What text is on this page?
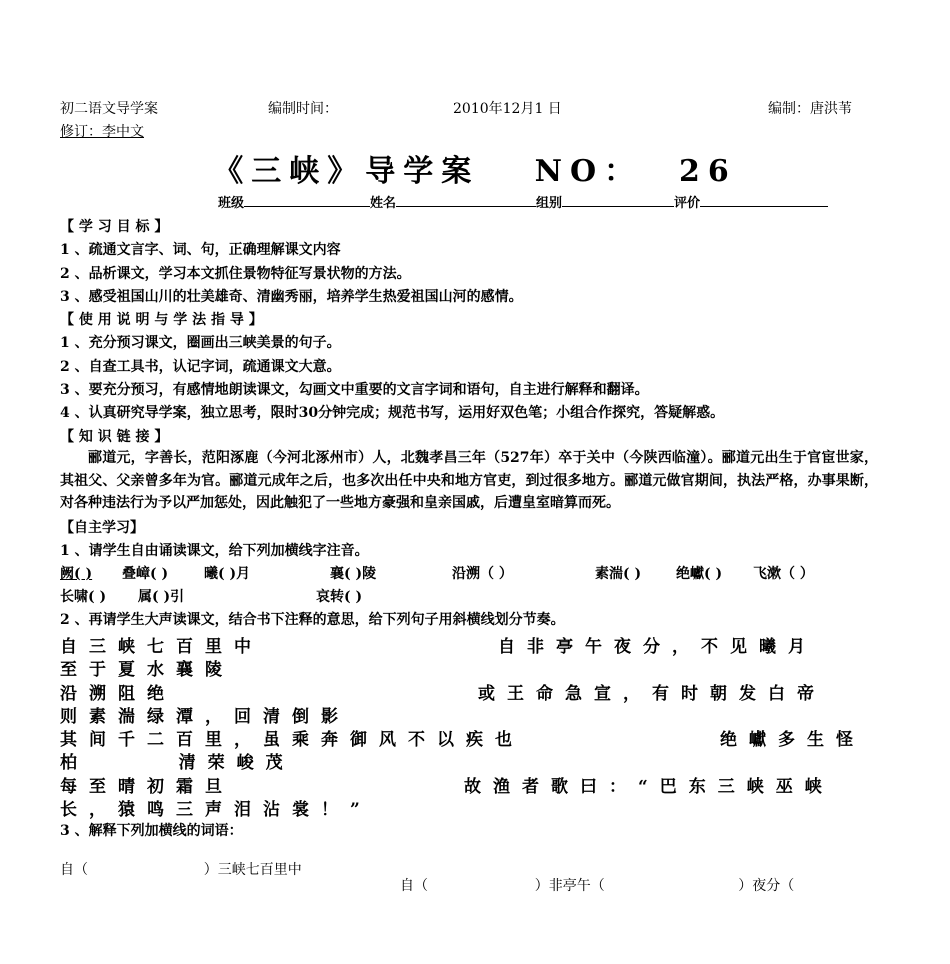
初二语文导学案	编制时间：	2010年12月1 日	编制：唐洪苇
修订：李中文
《三峡》导学案   NO：  26
班级	姓名	组别	评价
【 学 习 目 标 】
1 、疏通文言字、词、句，正确理解课文内容
2 、品析课文，学习本文抓住景物特征写景状物的方法。
3 、感受祖国山川的壮美雄奇、清幽秀丽，培养学生热爱祖国山河的感情。
【 使 用 说 明 与 学 法 指 导 】
1 、充分预习课文，圈画出三峡美景的句子。
2 、自查工具书，认记字词，疏通课文大意。
3 、要充分预习，有感情地朗读课文，勾画文中重要的文言字词和语句，自主进行解释和翻译。
4 、认真研究导学案，独立思考，限时30分钟完成；规范书写，运用好双色笔；小组合作探究，答疑解惑。
【 知 识 链 接 】
郦道元，字善长，范阳涿鹿（今河北涿州市）人，北魏孝昌三年（527年）卒于关中（今陕西临潼）。郦道元出生于官宦世家，其祖父、父亲曾多年为官。郦道元成年之后，也多次出任中央和地方官吏，到过很多地方。郦道元做官期间，执法严格，办事果断，对各种违法行为予以严加惩处，因此触犯了一些地方豪强和皇亲国戚，后遭皇室暗算而死。
【自主学习】
1 、请学生自由诵读课文，给下列加横线字注音。
阙( ) 叠嶂( )	曦( )月	襄( )陵	沿溯（ ）	素湍( ) 绝巘( ) 飞漱（ ）
长啸( ) 属( )引	哀转( )
2 、再请学生大声读课文，结合书下注释的意思，给下列句子用斜横线划分节奏。
自三峡七百里中	自非亭午夜分，不见曦月
至于夏水襄陵
沿溯阻绝	或王命急宣，有时朝发白帝
则素湍绿潭，回清倒影
其间千二百里，虽乘奔御风不以疾也	绝巘多生怪
柏     清荣峻茂
每至晴初霜旦	故渔者歌曰：“巴东三峡巫峡
长，猿鸣三声泪沾裳！”
3 、解释下列加横线的词语：

自（                          ）三峡七百里中

自（                        ）非亭午（                              ）夜分（
